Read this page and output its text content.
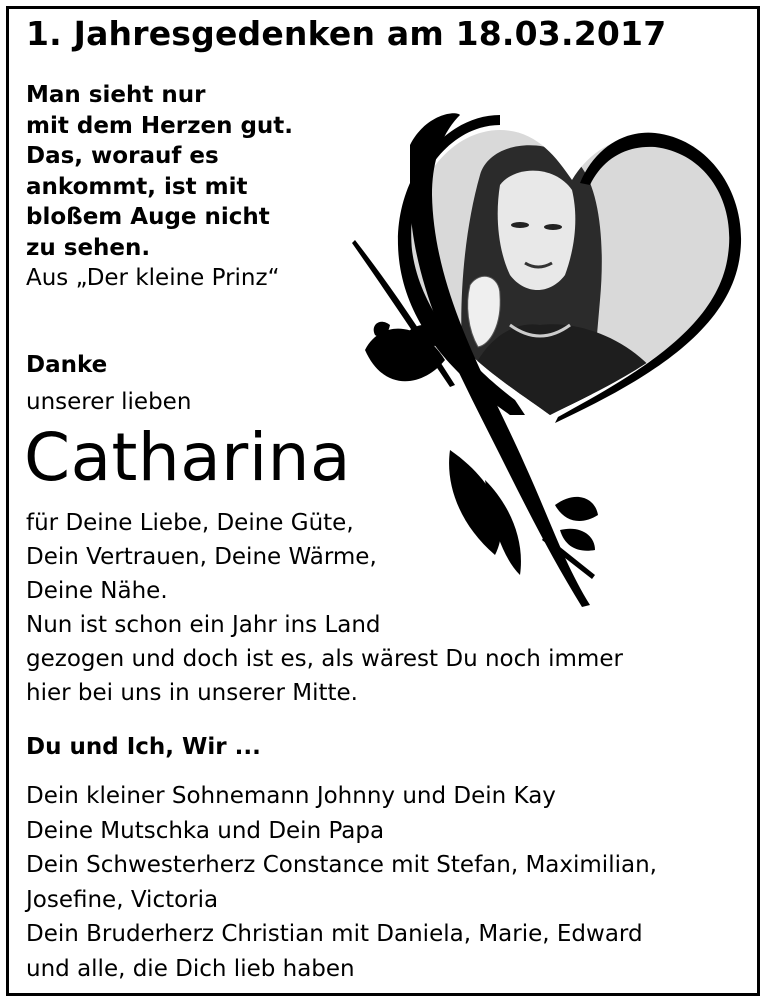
1. Jahresgedenken am 18.03.2017
Man sieht nur
mit dem Herzen gut.
Das, worauf es
ankommt, ist mit
bloßem Auge nicht
zu sehen.
Aus „Der kleine Prinz“
Danke
unserer lieben
Catharina
für Deine Liebe, Deine Güte,
Dein Vertrauen, Deine Wärme,
Deine Nähe.
Nun ist schon ein Jahr ins Land
gezogen und doch ist es, als wärest Du noch immer
hier bei uns in unserer Mitte.
Du und Ich, Wir ...
Dein kleiner Sohnemann Johnny und Dein Kay
Deine Mutschka und Dein Papa
Dein Schwesterherz Constance mit Stefan, Maximilian,
Josefine, Victoria
Dein Bruderherz Christian mit Daniela, Marie, Edward
und alle, die Dich lieb haben
